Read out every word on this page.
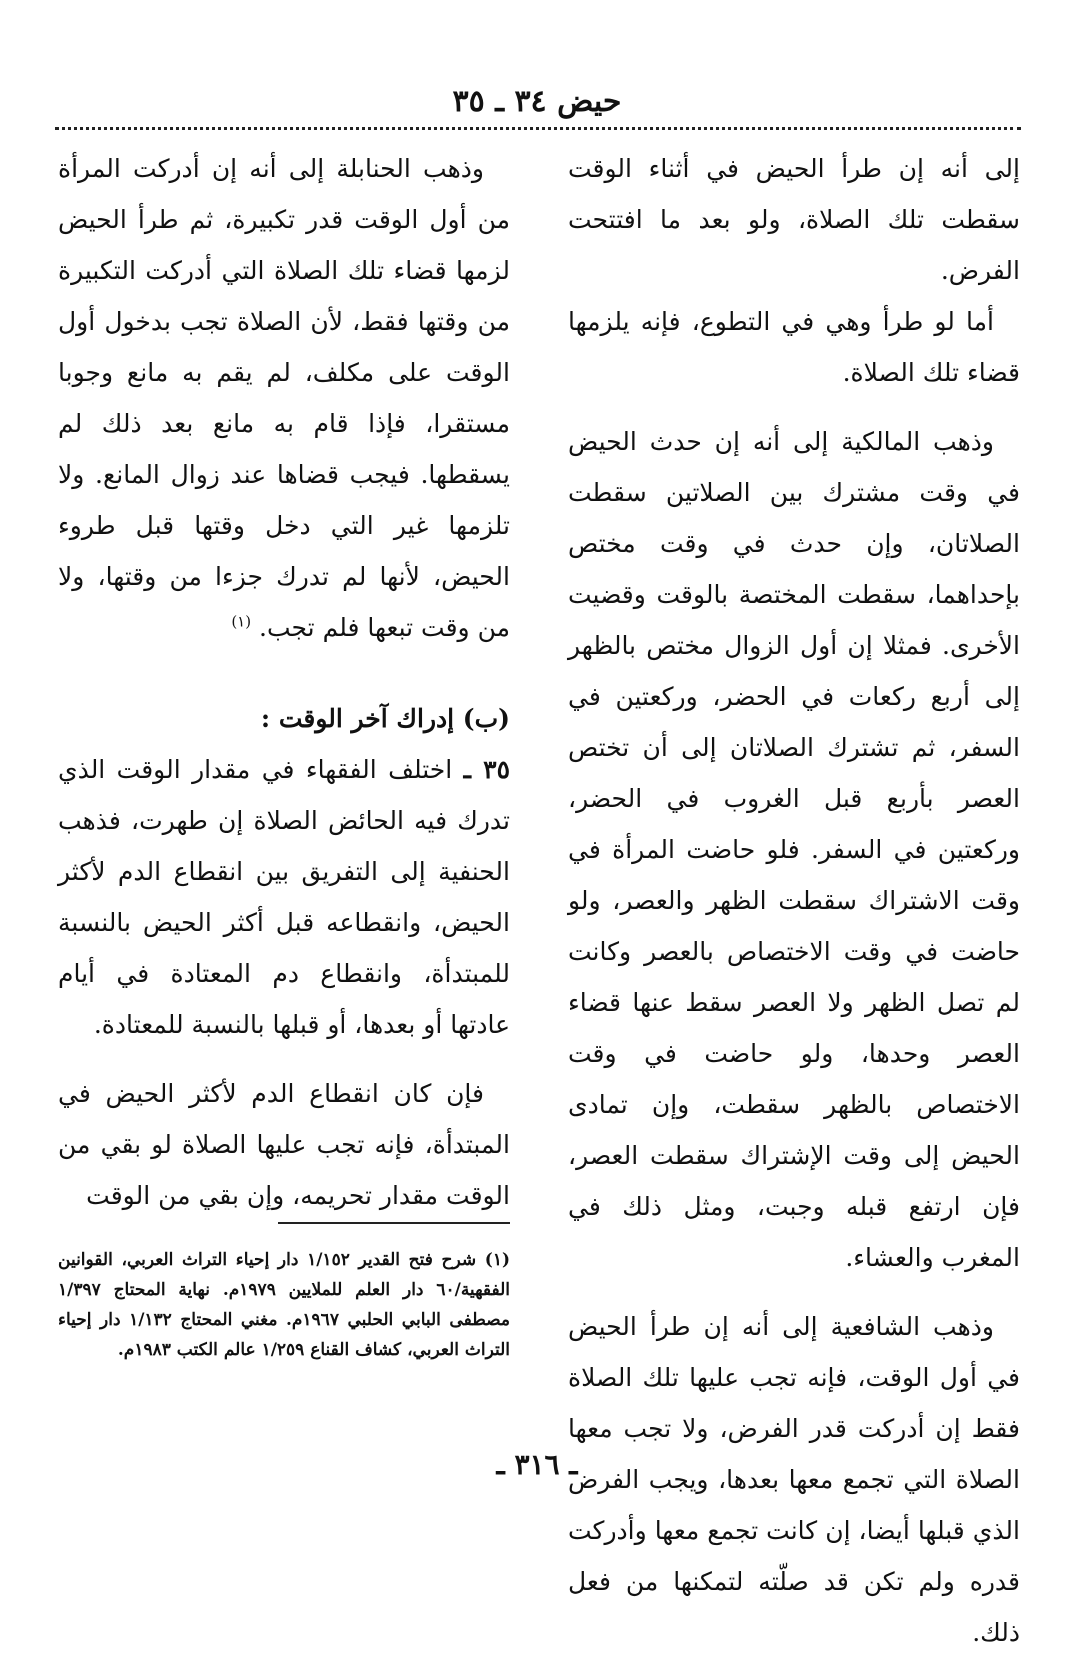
حيض ٣٤ ـ ٣٥

إلى أنه إن طرأ الحيض في أثناء الوقت سقطت تلك الصلاة، ولو بعد ما افتتحت الفرض.

أما لو طرأ وهي في التطوع، فإنه يلزمها قضاء تلك الصلاة.

وذهب المالكية إلى أنه إن حدث الحيض في وقت مشترك بين الصلاتين سقطت الصلاتان، وإن حدث في وقت مختص بإحداهما، سقطت المختصة بالوقت وقضيت الأخرى. فمثلا إن أول الزوال مختص بالظهر إلى أربع ركعات في الحضر، وركعتين في السفر، ثم تشترك الصلاتان إلى أن تختص العصر بأربع قبل الغروب في الحضر، وركعتين في السفر. فلو حاضت المرأة في وقت الاشتراك سقطت الظهر والعصر، ولو حاضت في وقت الاختصاص بالعصر وكانت لم تصل الظهر ولا العصر سقط عنها قضاء العصر وحدها، ولو حاضت في وقت الاختصاص بالظهر سقطت، وإن تمادى الحيض إلى وقت الإشتراك سقطت العصر، فإن ارتفع قبله وجبت، ومثل ذلك في المغرب والعشاء.

وذهب الشافعية إلى أنه إن طرأ الحيض في أول الوقت، فإنه تجب عليها تلك الصلاة فقط إن أدركت قدر الفرض، ولا تجب معها الصلاة التي تجمع معها بعدها، ويجب الفرض الذي قبلها أيضا، إن كانت تجمع معها وأدركت قدره ولم تكن قد صلّته لتمكنها من فعل ذلك.

وذهب الحنابلة إلى أنه إن أدركت المرأة من أول الوقت قدر تكبيرة، ثم طرأ الحيض لزمها قضاء تلك الصلاة التي أدركت التكبيرة من وقتها فقط، لأن الصلاة تجب بدخول أول الوقت على مكلف، لم يقم به مانع وجوبا مستقرا، فإذا قام به مانع بعد ذلك لم يسقطها. فيجب قضاها عند زوال المانع. ولا تلزمها غير التي دخل وقتها قبل طروء الحيض، لأنها لم تدرك جزءا من وقتها، ولا من وقت تبعها فلم تجب. $^{(١)}$

(ب) إدراك آخر الوقت :

٣٥ ـ اختلف الفقهاء في مقدار الوقت الذي تدرك فيه الحائض الصلاة إن طهرت، فذهب الحنفية إلى التفريق بين انقطاع الدم لأكثر الحيض، وانقطاعه قبل أكثر الحيض بالنسبة للمبتدأة، وانقطاع دم المعتادة في أيام عادتها أو بعدها، أو قبلها بالنسبة للمعتادة.

فإن كان انقطاع الدم لأكثر الحيض في المبتدأة، فإنه تجب عليها الصلاة لو بقي من الوقت مقدار تحريمه، وإن بقي من الوقت

(١) شرح فتح القدير ١/١٥٢ دار إحياء التراث العربي، القوانين الفقهية/٦٠ دار العلم للملايين ١٩٧٩م. نهاية المحتاج ١/٣٩٧ مصطفى البابي الحلبي ١٩٦٧م. مغني المحتاج ١/١٣٢ دار إحياء التراث العربي، كشاف القناع ١/٢٥٩ عالم الكتب ١٩٨٣م.
ـ ٣١٦ ـ
